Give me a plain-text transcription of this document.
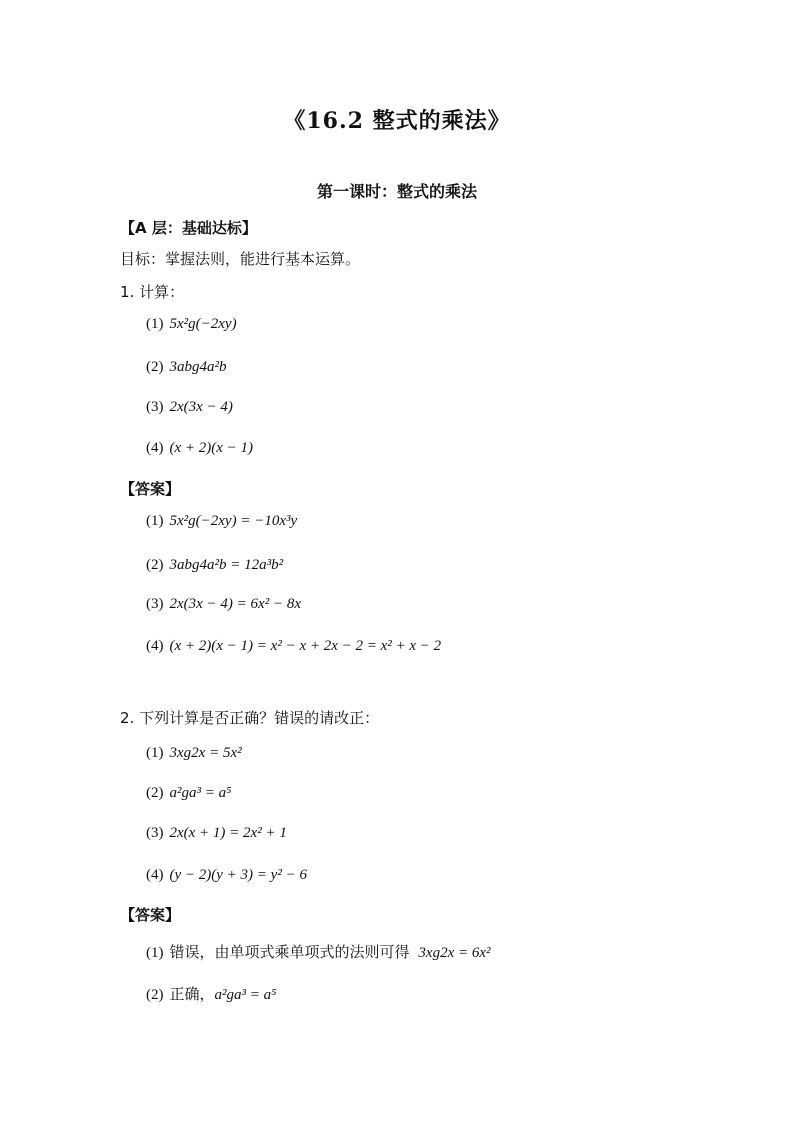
《16.2 整式的乘法》
第一课时：整式的乘法
【A 层：基础达标】
目标：掌握法则，能进行基本运算。
1. 计算：
(1) 5x²g(−2xy)
(2) 3abg4a²b
(3) 2x(3x − 4)
(4) (x + 2)(x − 1)
【答案】
(1) 5x²g(−2xy) = −10x³y
(2) 3abg4a²b = 12a³b²
(3) 2x(3x − 4) = 6x² − 8x
(4) (x + 2)(x − 1) = x² − x + 2x − 2 = x² + x − 2
2. 下列计算是否正确？错误的请改正：
(1) 3xg2x = 5x²
(2) a²ga³ = a⁵
(3) 2x(x + 1) = 2x² + 1
(4) (y − 2)(y + 3) = y² − 6
【答案】
(1) 错误，由单项式乘单项式的法则可得 3xg2x = 6x²
(2) 正确，a²ga³ = a⁵
